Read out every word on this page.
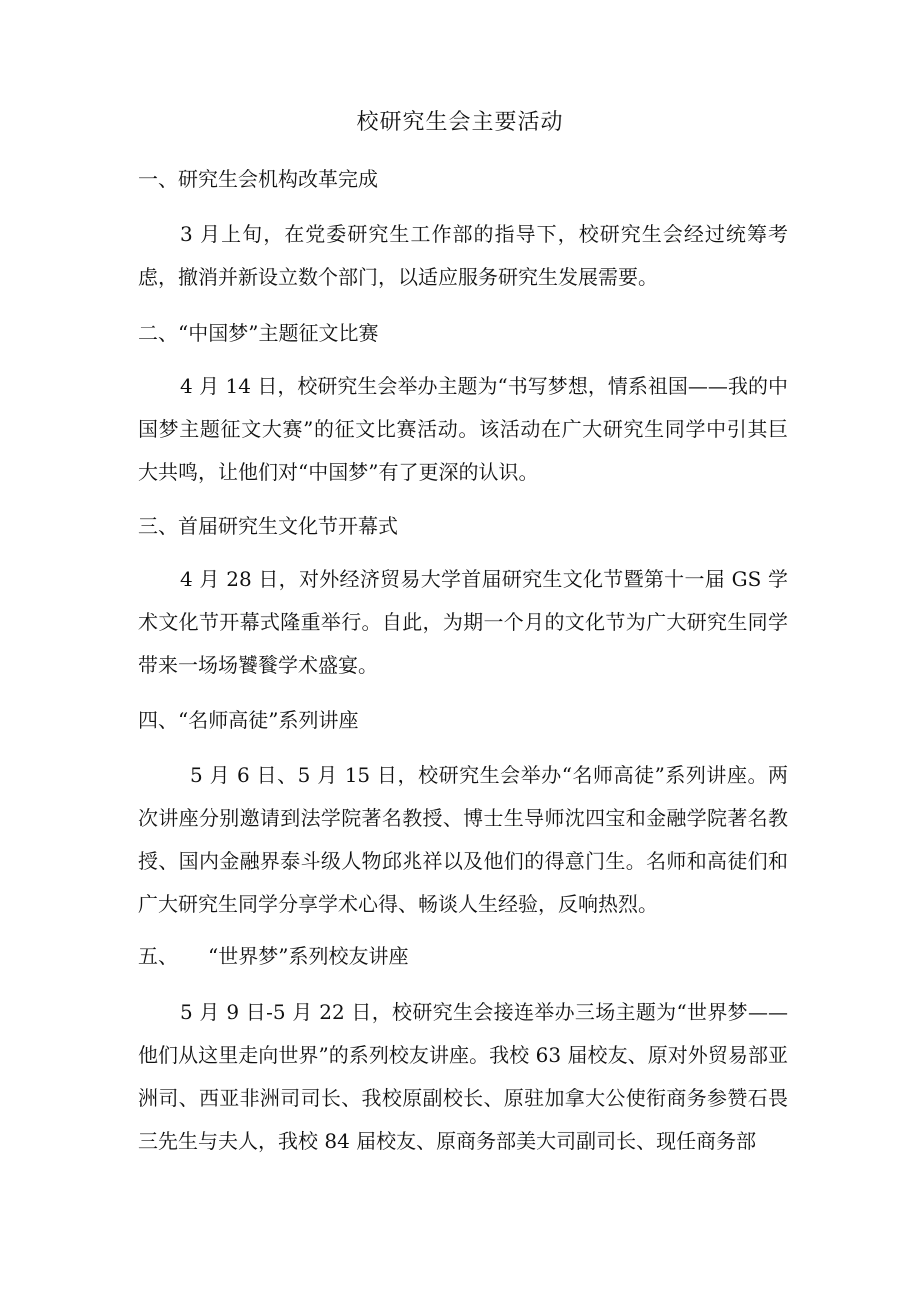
校研究生会主要活动
一、研究生会机构改革完成
3 月上旬，在党委研究生工作部的指导下，校研究生会经过统筹考虑，撤消并新设立数个部门，以适应服务研究生发展需要。
二、“中国梦”主题征文比赛
4 月 14 日，校研究生会举办主题为“书写梦想，情系祖国——我的中国梦主题征文大赛”的征文比赛活动。该活动在广大研究生同学中引其巨大共鸣，让他们对“中国梦”有了更深的认识。
三、首届研究生文化节开幕式
4 月 28 日，对外经济贸易大学首届研究生文化节暨第十一届 GS 学术文化节开幕式隆重举行。自此，为期一个月的文化节为广大研究生同学带来一场场饕餮学术盛宴。
四、“名师高徒”系列讲座
5 月 6 日、5 月 15 日，校研究生会举办“名师高徒”系列讲座。两次讲座分别邀请到法学院著名教授、博士生导师沈四宝和金融学院著名教授、国内金融界泰斗级人物邱兆祥以及他们的得意门生。名师和高徒们和广大研究生同学分享学术心得、畅谈人生经验，反响热烈。
五、　　“世界梦”系列校友讲座
5 月 9 日-5 月 22 日，校研究生会接连举办三场主题为“世界梦——他们从这里走向世界”的系列校友讲座。我校 63 届校友、原对外贸易部亚洲司、西亚非洲司司长、我校原副校长、原驻加拿大公使衔商务参赞石畏三先生与夫人，我校 84 届校友、原商务部美大司副司长、现任商务部
